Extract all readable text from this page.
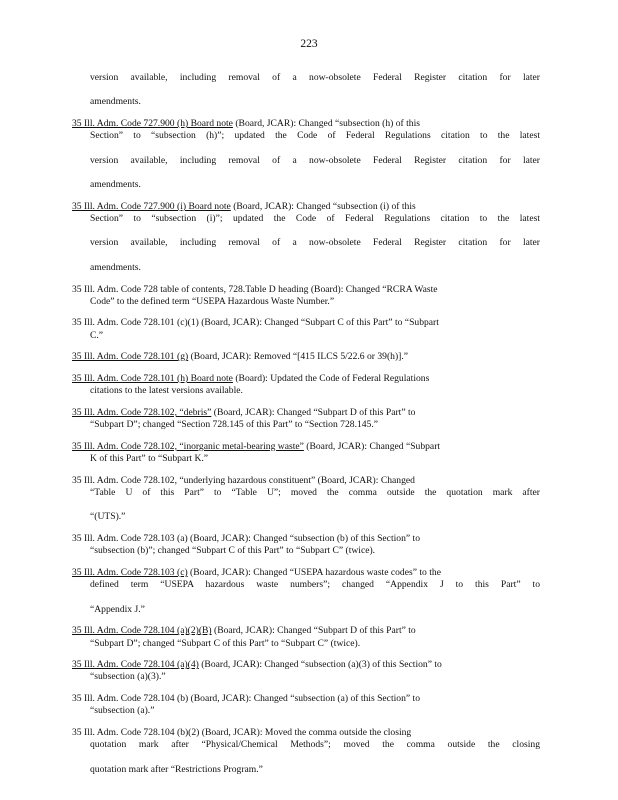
223
version available, including removal of a now-obsolete Federal Register citation for later
amendments.
35 Ill. Adm. Code 727.900 (h) Board note (Board, JCAR): Changed “subsection (h) of this
Section” to “subsection (h)”; updated the Code of Federal Regulations citation to the latest
version available, including removal of a now-obsolete Federal Register citation for later
amendments.
35 Ill. Adm. Code 727.900 (i) Board note (Board, JCAR): Changed “subsection (i) of this
Section” to “subsection (i)”; updated the Code of Federal Regulations citation to the latest
version available, including removal of a now-obsolete Federal Register citation for later
amendments.
35 Ill. Adm. Code 728 table of contents, 728.Table D heading (Board): Changed “RCRA Waste
Code” to the defined term “USEPA Hazardous Waste Number.”
35 Ill. Adm. Code 728.101 (c)(1) (Board, JCAR): Changed “Subpart C of this Part” to “Subpart
C.”
35 Ill. Adm. Code 728.101 (g) (Board, JCAR): Removed “[415 ILCS 5/22.6 or 39(h)].”
35 Ill. Adm. Code 728.101 (h) Board note (Board): Updated the Code of Federal Regulations
citations to the latest versions available.
35 Ill. Adm. Code 728.102, “debris” (Board, JCAR): Changed “Subpart D of this Part” to
“Subpart D”; changed “Section 728.145 of this Part” to “Section 728.145.”
35 Ill. Adm. Code 728.102, “inorganic metal-bearing waste” (Board, JCAR): Changed “Subpart
K of this Part” to “Subpart K.”
35 Ill. Adm. Code 728.102, “underlying hazardous constituent” (Board, JCAR): Changed
“Table U of this Part” to “Table U”; moved the comma outside the quotation mark after
“(UTS).”
35 Ill. Adm. Code 728.103 (a) (Board, JCAR): Changed “subsection (b) of this Section” to
“subsection (b)”; changed “Subpart C of this Part” to “Subpart C” (twice).
35 Ill. Adm. Code 728.103 (c) (Board, JCAR): Changed “USEPA hazardous waste codes” to the
defined term “USEPA hazardous waste numbers”; changed “Appendix J to this Part” to
“Appendix J.”
35 Ill. Adm. Code 728.104 (a)(2)(B) (Board, JCAR): Changed “Subpart D of this Part” to
“Subpart D”; changed “Subpart C of this Part” to “Subpart C” (twice).
35 Ill. Adm. Code 728.104 (a)(4) (Board, JCAR): Changed “subsection (a)(3) of this Section” to
“subsection (a)(3).”
35 Ill. Adm. Code 728.104 (b) (Board, JCAR): Changed “subsection (a) of this Section” to
“subsection (a).”
35 Ill. Adm. Code 728.104 (b)(2) (Board, JCAR): Moved the comma outside the closing
quotation mark after “Physical/Chemical Methods”; moved the comma outside the closing
quotation mark after “Restrictions Program.”
